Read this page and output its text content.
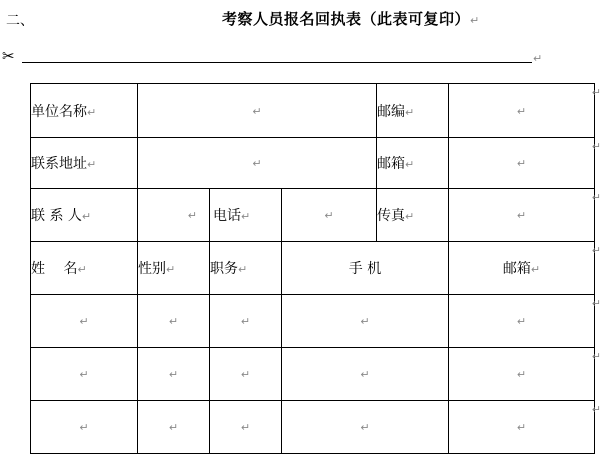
二、	考察人员报名回执表（此表可复印）↵
✂	↵
单位名称↵	↵			邮编↵	↵
联系地址↵	↵			邮箱↵	↵
联 系 人↵	↵	电话↵	↵	传真↵	↵
姓　 名↵	性别↵	职务↵	手 机		邮箱↵
↵	↵	↵	↵		↵
↵	↵	↵	↵		↵
↵	↵	↵	↵		↵
↵
↵
↵
↵
↵
↵
↵
